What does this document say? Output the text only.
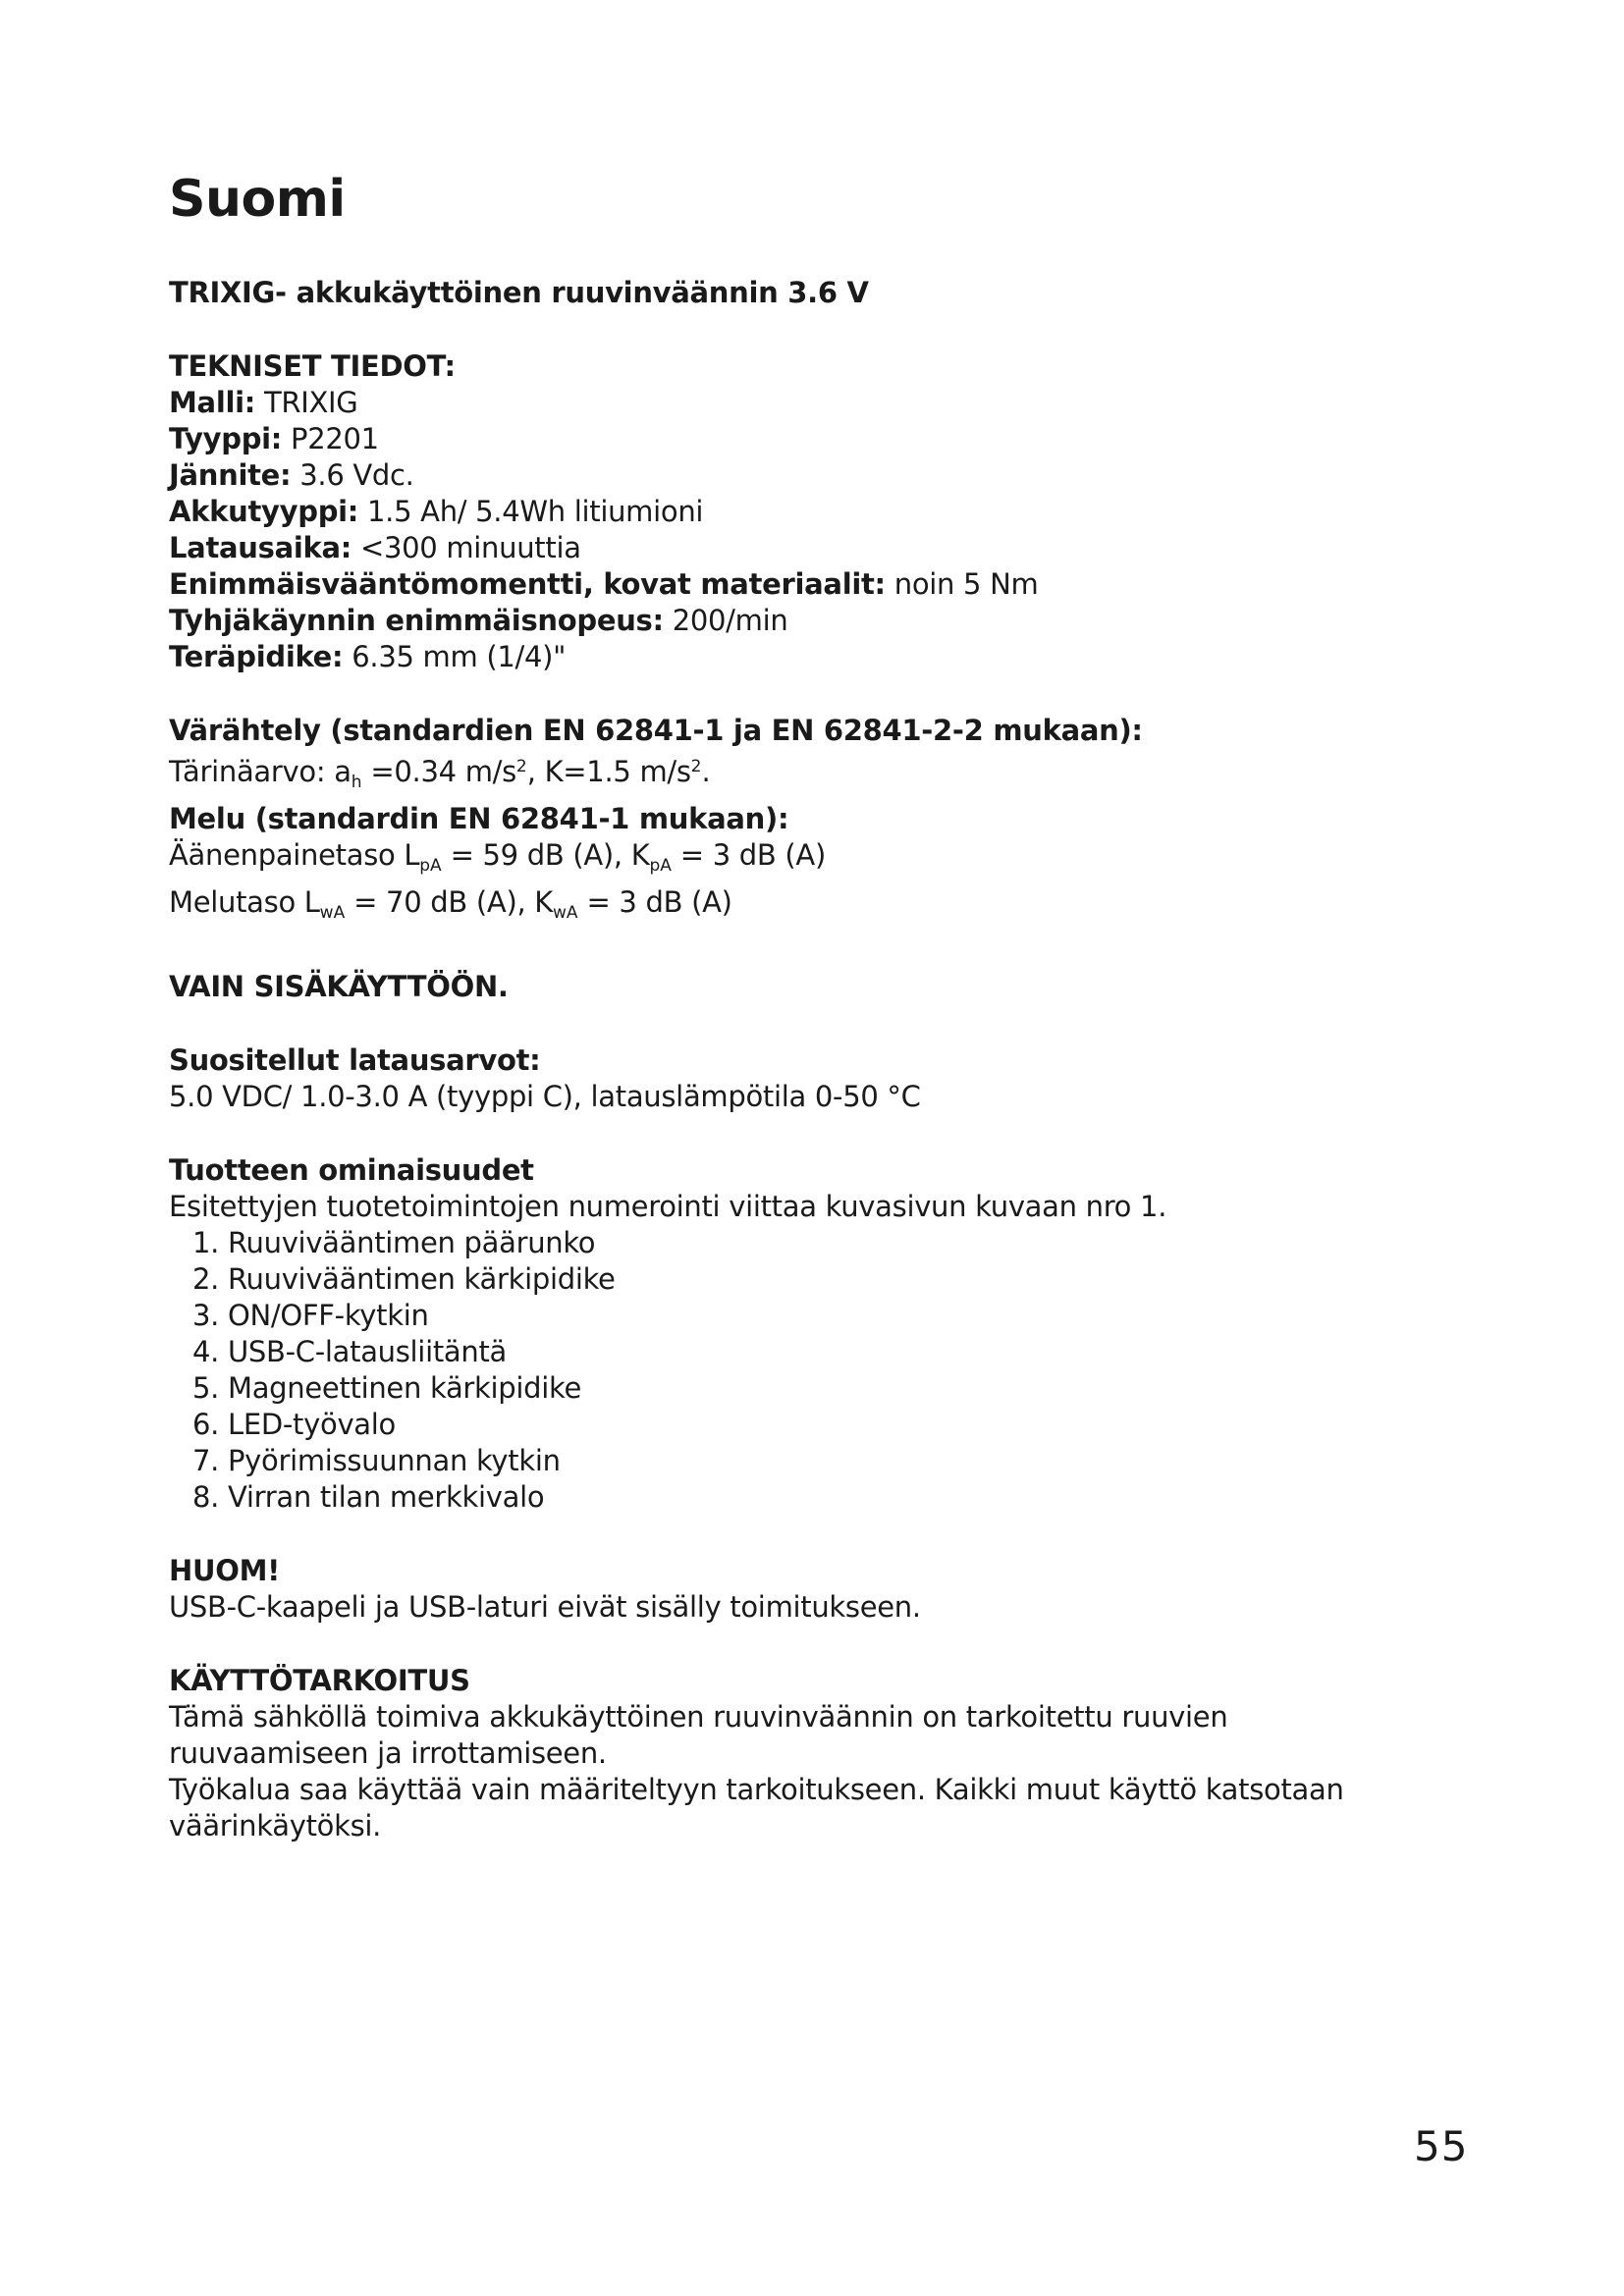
Suomi
TRIXIG- akkukäyttöinen ruuvinväännin 3.6 V
TEKNISET TIEDOT:
Malli: TRIXIG
Tyyppi: P2201
Jännite: 3.6 Vdc.
Akkutyyppi: 1.5 Ah/ 5.4Wh litiumioni
Latausaika: <300 minuuttia
Enimmäisvääntömomentti, kovat materiaalit: noin 5 Nm
Tyhjäkäynnin enimmäisnopeus: 200/min
Teräpidike: 6.35 mm (1/4)"
Värähtely (standardien EN 62841-1 ja EN 62841-2-2 mukaan):
Tärinäarvo: $a_h =0.34$ $m/s^2$, K=1.5 $m/s^2$.
Melu (standardin EN 62841-1 mukaan):
Äänenpainetaso $L_{pA} = 59$ dB (A), $K_{pA} = 3$ dB (A)
Melutaso $L_{wA} = 70$ dB (A), $K_{wA} = 3$ dB (A)
VAIN SISÄKÄYTTÖÖN.
Suositellut latausarvot:
5.0 VDC/ 1.0-3.0 A (tyyppi C), latauslämpötila 0-50 °C
Tuotteen ominaisuudet
Esitettyjen tuotetoimintojen numerointi viittaa kuvasivun kuvaan nro 1.
1. Ruuvivääntimen päärunko
2. Ruuvivääntimen kärkipidike
3. ON/OFF-kytkin
4. USB-C-latausliitäntä
5. Magneettinen kärkipidike
6. LED-työvalo
7. Pyörimissuunnan kytkin
8. Virran tilan merkkivalo
HUOM!
USB-C-kaapeli ja USB-laturi eivät sisälly toimitukseen.
KÄYTTÖTARKOITUS
Tämä sähköllä toimiva akkukäyttöinen ruuvinväännin on tarkoitettu ruuvien
ruuvaamiseen ja irrottamiseen.
Työkalua saa käyttää vain määriteltyyn tarkoitukseen. Kaikki muut käyttö katsotaan
väärinkäytöksi.
55
